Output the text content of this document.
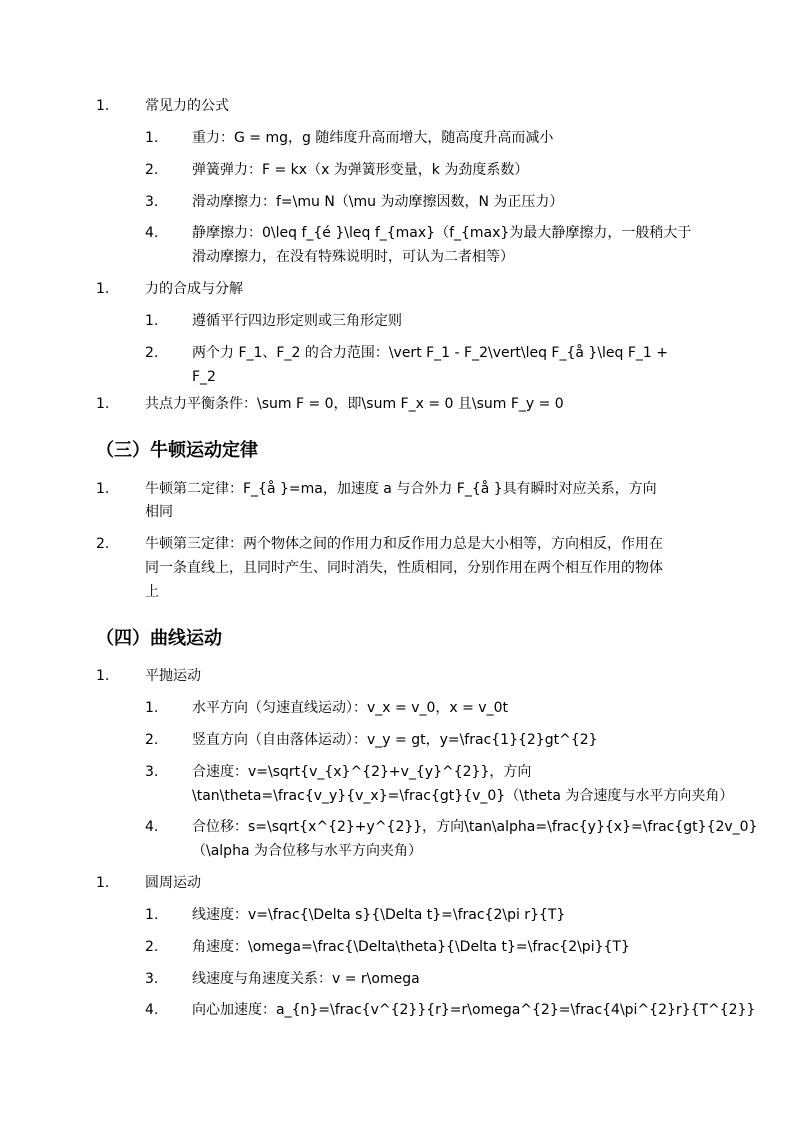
1.	常见力的公式
1. 重力：G = mg，g 随纬度升高而增大，随高度升高而减小
2. 弹簧弹力：F = kx（x 为弹簧形变量，k 为劲度系数）
3. 滑动摩擦力：f=\mu N（\mu 为动摩擦因数，N 为正压力）
4. 静摩擦力：0\leq f_{é }\leq f_{max}（f_{max}为最大静摩擦力，一般稍大于
滑动摩擦力，在没有特殊说明时，可认为二者相等）
1.	力的合成与分解
1. 遵循平行四边形定则或三角形定则
2. 两个力 F_1、F_2 的合力范围：\vert F_1 - F_2\vert\leq F_{å }\leq F_1 +
F_2
1.	共点力平衡条件：\sum F = 0，即\sum F_x = 0 且\sum F_y = 0
（三）牛顿运动定律
1.	牛顿第二定律：F_{å }=ma，加速度 a 与合外力 F_{å }具有瞬时对应关系，方向
相同
2.	牛顿第三定律：两个物体之间的作用力和反作用力总是大小相等，方向相反，作用在
同一条直线上，且同时产生、同时消失，性质相同，分别作用在两个相互作用的物体
上
（四）曲线运动
1.	平抛运动
1. 水平方向（匀速直线运动）：v_x = v_0，x = v_0t
2. 竖直方向（自由落体运动）：v_y = gt，y=\frac{1}{2}gt^{2}
3. 合速度：v=\sqrt{v_{x}^{2}+v_{y}^{2}}，方向
\tan\theta=\frac{v_y}{v_x}=\frac{gt}{v_0}（\theta 为合速度与水平方向夹角）
4. 合位移：s=\sqrt{x^{2}+y^{2}}，方向\tan\alpha=\frac{y}{x}=\frac{gt}{2v_0}
（\alpha 为合位移与水平方向夹角）
1.	圆周运动
1. 线速度：v=\frac{\Delta s}{\Delta t}=\frac{2\pi r}{T}
2. 角速度：\omega=\frac{\Delta\theta}{\Delta t}=\frac{2\pi}{T}
3. 线速度与角速度关系：v = r\omega
4. 向心加速度：a_{n}=\frac{v^{2}}{r}=r\omega^{2}=\frac{4\pi^{2}r}{T^{2}}
